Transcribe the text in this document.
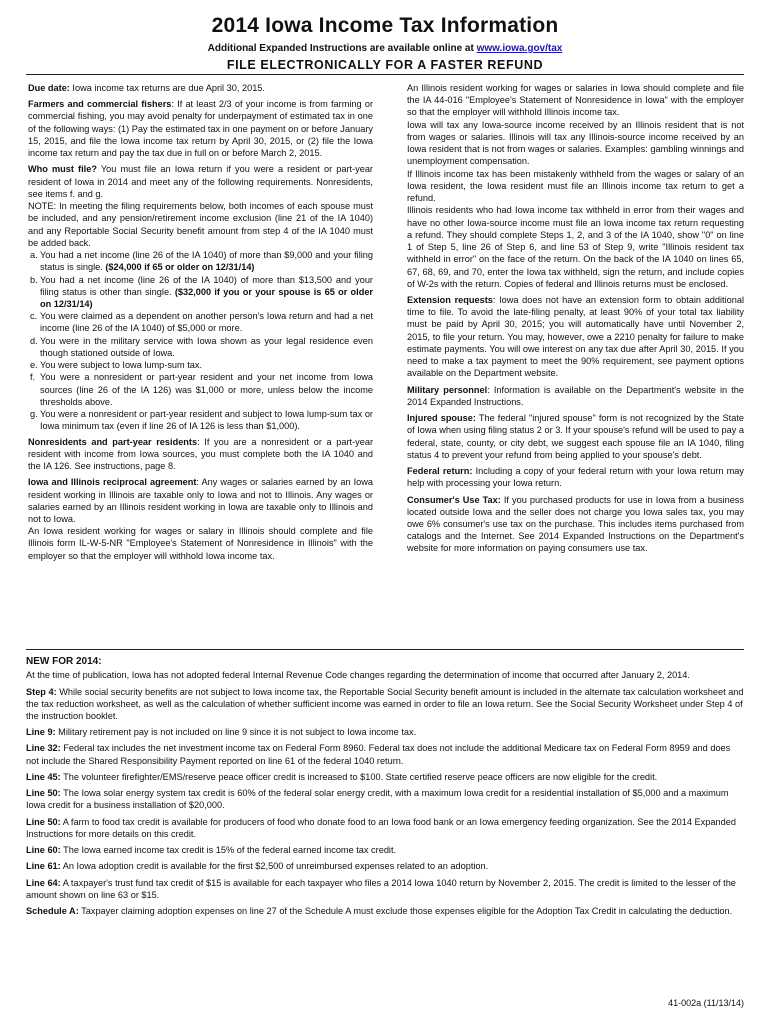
2014 Iowa Income Tax Information
Additional Expanded Instructions are available online at www.iowa.gov/tax
FILE ELECTRONICALLY FOR A FASTER REFUND

Due date: Iowa income tax returns are due April 30, 2015.

Farmers and commercial fishers: If at least 2/3 of your income is from farming or commercial fishing, you may avoid penalty for underpayment of estimated tax in one of the following ways: (1) Pay the estimated tax in one payment on or before January 15, 2015, and file the Iowa income tax return by April 30, 2015, or (2) file the Iowa income tax return and pay the tax due in full on or before March 2, 2015.

Who must file? You must file an Iowa return if you were a resident or part-year resident of Iowa in 2014 and meet any of the following requirements. Nonresidents, see items f. and g.

NOTE: In meeting the filing requirements below, both incomes of each spouse must be included, and any pension/retirement income exclusion (line 21 of the IA 1040) and any Reportable Social Security benefit amount from step 4 of the IA 1040 must be added back.

a. You had a net income (line 26 of the IA 1040) of more than $9,000 and your filing status is single. ($24,000 if 65 or older on 12/31/14)
b. You had a net income (line 26 of the IA 1040) of more than $13,500 and your filing status is other than single. ($32,000 if you or your spouse is 65 or older on 12/31/14)
c. You were claimed as a dependent on another person's Iowa return and had a net income (line 26 of the IA 1040) of $5,000 or more.
d. You were in the military service with Iowa shown as your legal residence even though stationed outside of Iowa.
e. You were subject to Iowa lump-sum tax.
f. You were a nonresident or part-year resident and your net income from Iowa sources (line 26 of the IA 126) was $1,000 or more, unless below the income thresholds above.
g. You were a nonresident or part-year resident and subject to Iowa lump-sum tax or Iowa minimum tax (even if line 26 of IA 126 is less than $1,000).

Nonresidents and part-year residents: If you are a nonresident or a part-year resident with income from Iowa sources, you must complete both the IA 1040 and the IA 126. See instructions, page 8.

Iowa and Illinois reciprocal agreement: Any wages or salaries earned by an Iowa resident working in Illinois are taxable only to Iowa and not to Illinois. Any wages or salaries earned by an Illinois resident working in Iowa are taxable only to Illinois and not to Iowa.

An Iowa resident working for wages or salary in Illinois should complete and file Illinois form IL-W-5-NR "Employee's Statement of Nonresidence in Illinois" with the employer so that the employer will withhold Iowa income tax.

An Illinois resident working for wages or salaries in Iowa should complete and file the IA 44-016 "Employee's Statement of Nonresidence in Iowa" with the employer so that the employer will withhold Illinois income tax.

Iowa will tax any Iowa-source income received by an Illinois resident that is not from wages or salaries. Illinois will tax any Illinois-source income received by an Iowa resident that is not from wages or salaries. Examples: gambling winnings and unemployment compensation.

If Illinois income tax has been mistakenly withheld from the wages or salary of an Iowa resident, the Iowa resident must file an Illinois income tax return to get a refund.

Illinois residents who had Iowa income tax withheld in error from their wages and have no other Iowa-source income must file an Iowa income tax return requesting a refund. They should complete Steps 1, 2, and 3 of the IA 1040, show "0" on line 1 of Step 5, line 26 of Step 6, and line 53 of Step 9, write "Illinois resident tax withheld in error" on the face of the return. On the back of the IA 1040 on lines 65, 67, 68, 69, and 70, enter the Iowa tax withheld, sign the return, and include copies of W-2s with the return. Copies of federal and Illinois returns must be enclosed.

Extension requests: Iowa does not have an extension form to obtain additional time to file. To avoid the late-filing penalty, at least 90% of your total tax liability must be paid by April 30, 2015; you will automatically have until November 2, 2015, to file your return. You may, however, owe a 2210 penalty for failure to make estimate payments. You will owe interest on any tax due after April 30, 2015. If you need to make a tax payment to meet the 90% requirement, see payment options available on the Department website.

Military personnel: Information is available on the Department's website in the 2014 Expanded Instructions.

Injured spouse: The federal "injured spouse" form is not recognized by the State of Iowa when using filing status 2 or 3. If your spouse's refund will be used to pay a federal, state, county, or city debt, we suggest each spouse file an IA 1040, filing status 4 to prevent your refund from being applied to your spouse's debt.

Federal return: Including a copy of your federal return with your Iowa return may help with processing your Iowa return.

Consumer's Use Tax: If you purchased products for use in Iowa from a business located outside Iowa and the seller does not charge you Iowa sales tax, you may owe 6% consumer's use tax on the purchase. This includes items purchased from catalogs and the Internet. See 2014 Expanded Instructions on the Department's website for more information on paying consumers use tax.

NEW FOR 2014:

At the time of publication, Iowa has not adopted federal Internal Revenue Code changes regarding the determination of income that occurred after January 2, 2014.

Step 4: While social security benefits are not subject to Iowa income tax, the Reportable Social Security benefit amount is included in the alternate tax calculation worksheet and the tax reduction worksheet, as well as the calculation of whether sufficient income was earned in order to file an Iowa return. See the Social Security Worksheet under Step 4 of the instruction booklet.

Line 9: Military retirement pay is not included on line 9 since it is not subject to Iowa income tax.

Line 32: Federal tax includes the net investment income tax on Federal Form 8960. Federal tax does not include the additional Medicare tax on Federal Form 8959 and does not include the Shared Responsibility Payment reported on line 61 of the federal 1040 return.

Line 45: The volunteer firefighter/EMS/reserve peace officer credit is increased to $100. State certified reserve peace officers are now eligible for the credit.

Line 50: The Iowa solar energy system tax credit is 60% of the federal solar energy credit, with a maximum Iowa credit for a residential installation of $5,000 and a maximum Iowa credit for a business installation of $20,000.

Line 50: A farm to food tax credit is available for producers of food who donate food to an Iowa food bank or an Iowa emergency feeding organization. See the 2014 Expanded Instructions for more details on this credit.

Line 60: The Iowa earned income tax credit is 15% of the federal earned income tax credit.

Line 61: An Iowa adoption credit is available for the first $2,500 of unreimbursed expenses related to an adoption.

Line 64: A taxpayer's trust fund tax credit of $15 is available for each taxpayer who files a 2014 Iowa 1040 return by November 2, 2015. The credit is limited to the lesser of the amount shown on line 63 or $15.

Schedule A: Taxpayer claiming adoption expenses on line 27 of the Schedule A must exclude those expenses eligible for the Adoption Tax Credit in calculating the deduction.

41-002a (11/13/14)
